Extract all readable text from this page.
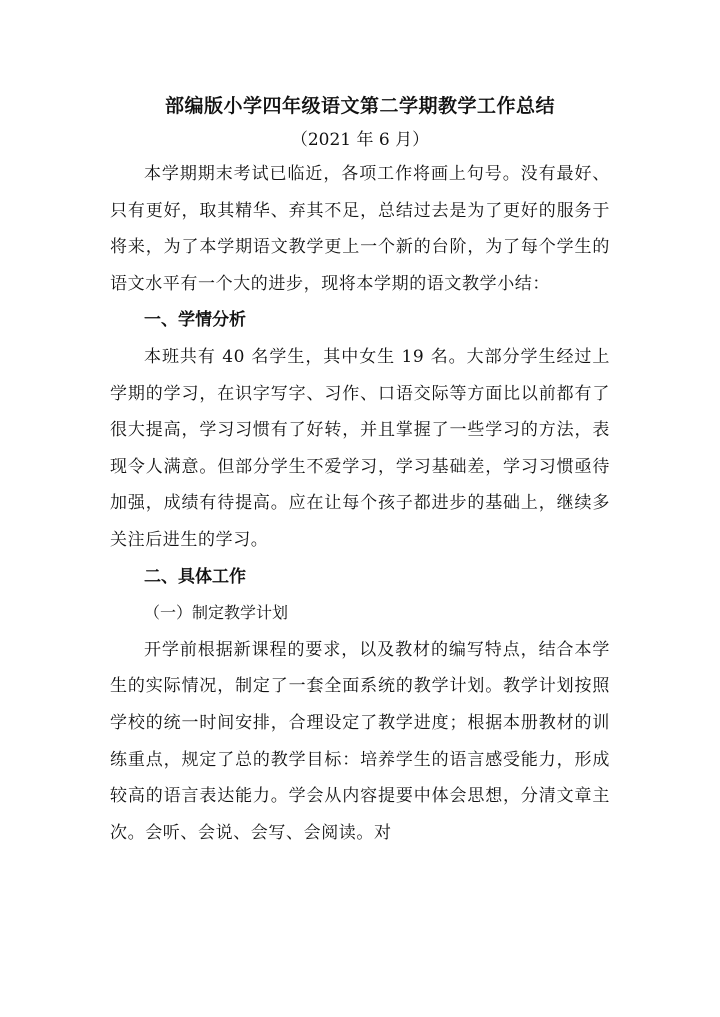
部编版小学四年级语文第二学期教学工作总结
（2021 年 6 月）

本学期期末考试已临近，各项工作将画上句号。没有最好、只有更好，取其精华、弃其不足，总结过去是为了更好的服务于将来，为了本学期语文教学更上一个新的台阶，为了每个学生的语文水平有一个大的进步，现将本学期的语文教学小结：

一、学情分析

本班共有 40 名学生，其中女生 19 名。大部分学生经过上学期的学习，在识字写字、习作、口语交际等方面比以前都有了很大提高，学习习惯有了好转，并且掌握了一些学习的方法，表现令人满意。但部分学生不爱学习，学习基础差，学习习惯亟待加强，成绩有待提高。应在让每个孩子都进步的基础上，继续多关注后进生的学习。

二、具体工作

（一）制定教学计划

开学前根据新课程的要求，以及教材的编写特点，结合本学生的实际情况，制定了一套全面系统的教学计划。教学计划按照学校的统一时间安排，合理设定了教学进度；根据本册教材的训练重点，规定了总的教学目标：培养学生的语言感受能力，形成较高的语言表达能力。学会从内容提要中体会思想，分清文章主次。会听、会说、会写、会阅读。对
